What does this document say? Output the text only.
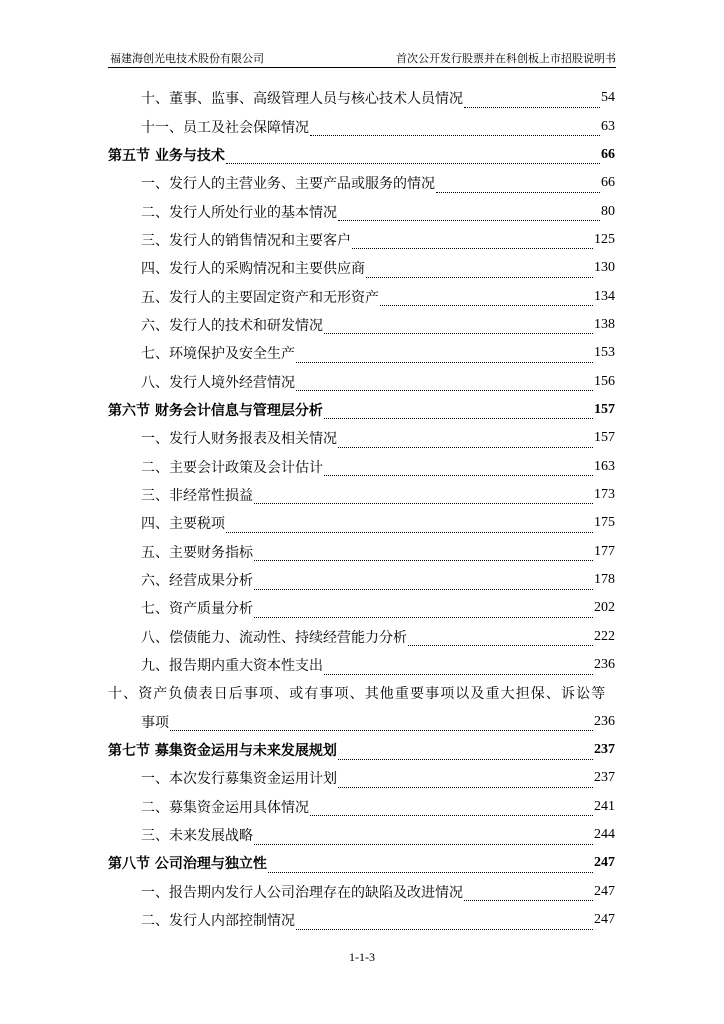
福建海创光电技术股份有限公司	首次公开发行股票并在科创板上市招股说明书
十、董事、监事、高级管理人员与核心技术人员情况	54
十一、员工及社会保障情况	63
第五节 业务与技术	66
一、发行人的主营业务、主要产品或服务的情况	66
二、发行人所处行业的基本情况	80
三、发行人的销售情况和主要客户	125
四、发行人的采购情况和主要供应商	130
五、发行人的主要固定资产和无形资产	134
六、发行人的技术和研发情况	138
七、环境保护及安全生产	153
八、发行人境外经营情况	156
第六节 财务会计信息与管理层分析	157
一、发行人财务报表及相关情况	157
二、主要会计政策及会计估计	163
三、非经常性损益	173
四、主要税项	175
五、主要财务指标	177
六、经营成果分析	178
七、资产质量分析	202
八、偿债能力、流动性、持续经营能力分析	222
九、报告期内重大资本性支出	236
十、资产负债表日后事项、或有事项、其他重要事项以及重大担保、诉讼等
事项	236
第七节 募集资金运用与未来发展规划	237
一、本次发行募集资金运用计划	237
二、募集资金运用具体情况	241
三、未来发展战略	244
第八节 公司治理与独立性	247
一、报告期内发行人公司治理存在的缺陷及改进情况	247
二、发行人内部控制情况	247
1-1-3
